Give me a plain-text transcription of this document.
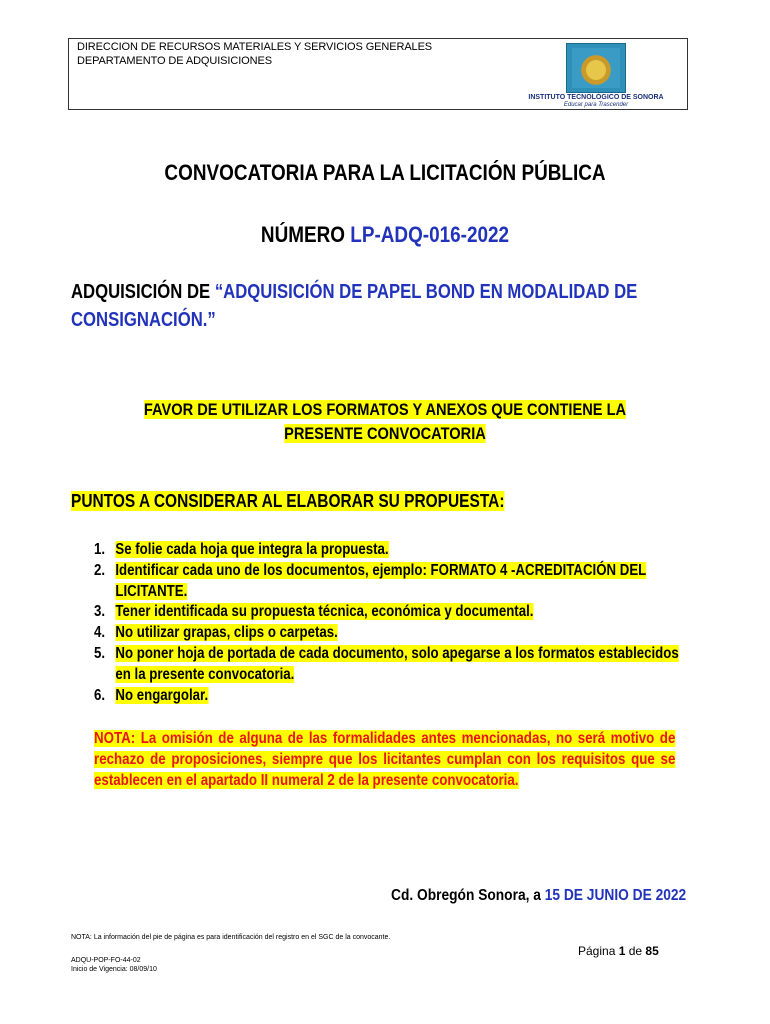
DIRECCION DE RECURSOS MATERIALES Y SERVICIOS GENERALES
DEPARTAMENTO DE ADQUISICIONES
INSTITUTO TECNOLÓGICO DE SONORA
Educar para Trascender
CONVOCATORIA PARA LA LICITACIÓN PÚBLICA
NÚMERO LP-ADQ-016-2022
ADQUISICIÓN DE “ADQUISICIÓN DE PAPEL BOND EN MODALIDAD DE CONSIGNACIÓN.”
FAVOR DE UTILIZAR LOS FORMATOS Y ANEXOS QUE CONTIENE LA
PRESENTE CONVOCATORIA
PUNTOS A CONSIDERAR AL ELABORAR SU PROPUESTA:
1. Se folie cada hoja que integra la propuesta.
2. Identificar cada uno de los documentos, ejemplo: FORMATO 4 -ACREDITACIÓN DEL LICITANTE.
3. Tener identificada su propuesta técnica, económica y documental.
4. No utilizar grapas, clips o carpetas.
5. No poner hoja de portada de cada documento, solo apegarse a los formatos establecidos en la presente convocatoria.
6. No engargolar.
NOTA: La omisión de alguna de las formalidades antes mencionadas, no será motivo de rechazo de proposiciones, siempre que los licitantes cumplan con los requisitos que se establecen en el apartado II numeral 2 de la presente convocatoria.
Cd. Obregón Sonora, a 15 DE JUNIO DE 2022
NOTA: La información del pie de página es para identificación del registro en el SGC de la convocante.
Página 1 de 85
ADQU-POP-FO-44-02
Inicio de Vigencia: 08/09/10
